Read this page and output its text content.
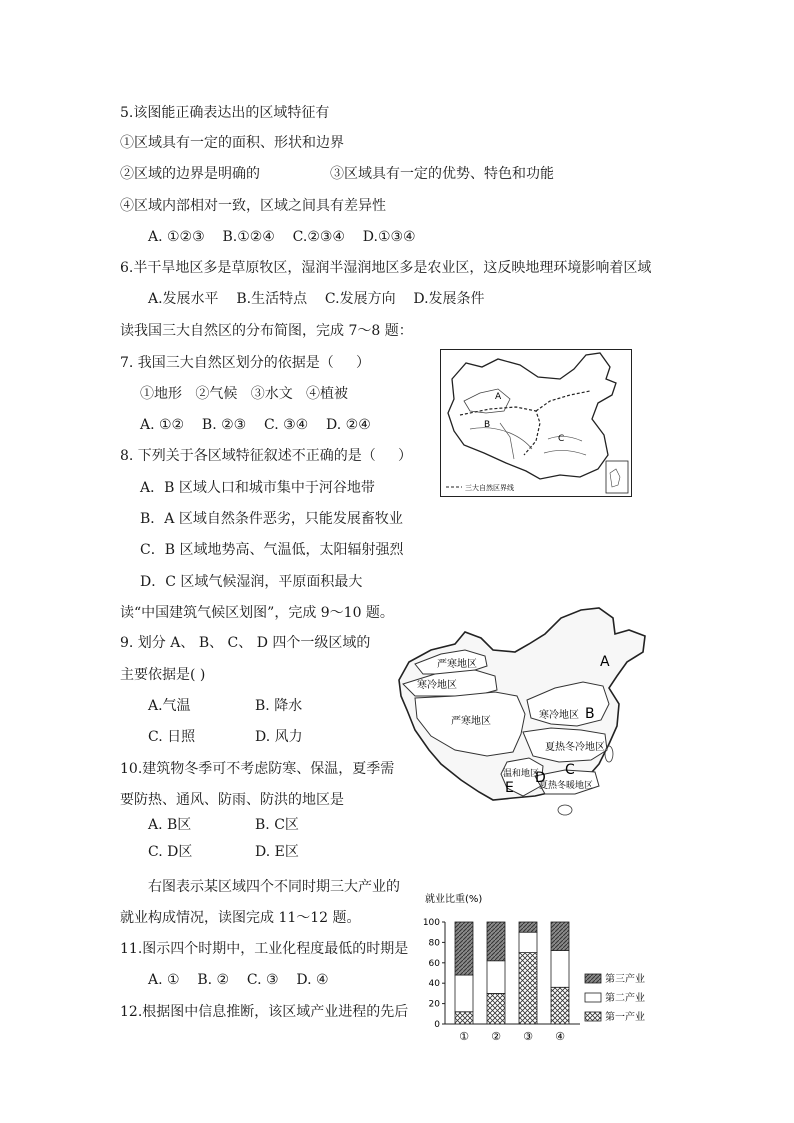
5.该图能正确表达出的区域特征有
①区域具有一定的面积、形状和边界
②区域的边界是明确的	③区域具有一定的优势、特色和功能
④区域内部相对一致，区域之间具有差异性
A. ①②③    B.①②④    C.②③④    D.①③④
6.半干旱地区多是草原牧区，湿润半湿润地区多是农业区，这反映地理环境影响着区域
A.发展水平    B.生活特点    C.发展方向    D.发展条件
读我国三大自然区的分布简图，完成 7～8 题：
7. 我国三大自然区划分的依据是（     ）
①地形   ②气候   ③水文   ④植被
A. ①②    B. ②③    C. ③④    D. ②④
8. 下列关于各区域特征叙述不正确的是（     ）
A．B 区域人口和城市集中于河谷地带
B．A 区域自然条件恶劣，只能发展畜牧业
C．B 区域地势高、气温低，太阳辐射强烈
D．C 区域气候湿润，平原面积最大
A
B
C
三大自然区界线
读“中国建筑气候区划图”，完成 9～10 题。
9. 划分 A、 B、 C、 D 四个一级区域的
主要依据是( )
A.气温	B. 降水
C. 日照	D. 风力
10.建筑物冬季可不考虑防寒、保温，夏季需
要防热、通风、防雨、防洪的地区是
A. B区	B. C区
C. D区	D. E区
严寒地区
寒冷地区
严寒地区
寒冷地区
夏热冬冷地区
温和地区
夏热冬暖地区
A
B
C
D
E
右图表示某区域四个不同时期三大产业的
就业构成情况，读图完成 11～12 题。
11.图示四个时期中，工业化程度最低的时期是
A. ①    B. ②    C. ③    D. ④
12.根据图中信息推断，该区域产业进程的先后
就业比重(%)
0
20
40
60
80
100
① ② ③ ④
第三产业
第二产业
第一产业
